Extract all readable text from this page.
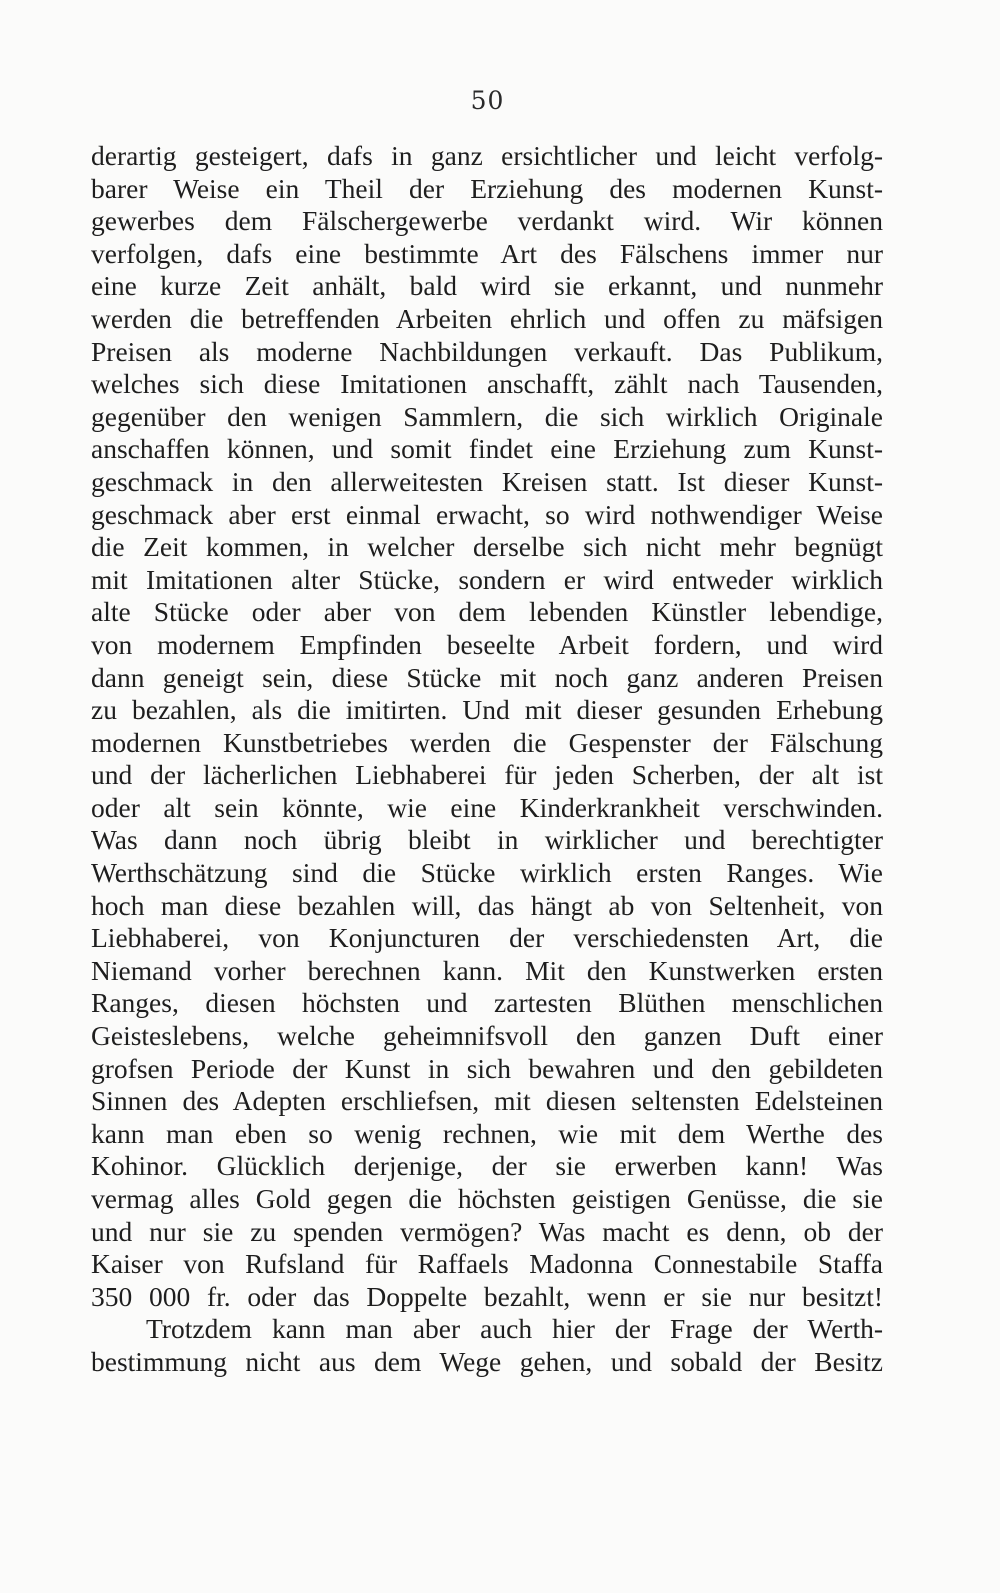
50
derartig gesteigert, dafs in ganz ersichtlicher und leicht verfolg-
barer Weise ein Theil der Erziehung des modernen Kunst-
gewerbes dem Fälschergewerbe verdankt wird. Wir können
verfolgen, dafs eine bestimmte Art des Fälschens immer nur
eine kurze Zeit anhält, bald wird sie erkannt, und nunmehr
werden die betreffenden Arbeiten ehrlich und offen zu mäfsigen
Preisen als moderne Nachbildungen verkauft. Das Publikum,
welches sich diese Imitationen anschafft, zählt nach Tausenden,
gegenüber den wenigen Sammlern, die sich wirklich Originale
anschaffen können, und somit findet eine Erziehung zum Kunst-
geschmack in den allerweitesten Kreisen statt. Ist dieser Kunst-
geschmack aber erst einmal erwacht, so wird nothwendiger Weise
die Zeit kommen, in welcher derselbe sich nicht mehr begnügt
mit Imitationen alter Stücke, sondern er wird entweder wirklich
alte Stücke oder aber von dem lebenden Künstler lebendige,
von modernem Empfinden beseelte Arbeit fordern, und wird
dann geneigt sein, diese Stücke mit noch ganz anderen Preisen
zu bezahlen, als die imitirten. Und mit dieser gesunden Erhebung
modernen Kunstbetriebes werden die Gespenster der Fälschung
und der lächerlichen Liebhaberei für jeden Scherben, der alt ist
oder alt sein könnte, wie eine Kinderkrankheit verschwinden.
Was dann noch übrig bleibt in wirklicher und berechtigter
Werthschätzung sind die Stücke wirklich ersten Ranges. Wie
hoch man diese bezahlen will, das hängt ab von Seltenheit, von
Liebhaberei, von Konjuncturen der verschiedensten Art, die
Niemand vorher berechnen kann. Mit den Kunstwerken ersten
Ranges, diesen höchsten und zartesten Blüthen menschlichen
Geisteslebens, welche geheimnifsvoll den ganzen Duft einer
grofsen Periode der Kunst in sich bewahren und den gebildeten
Sinnen des Adepten erschliefsen, mit diesen seltensten Edelsteinen
kann man eben so wenig rechnen, wie mit dem Werthe des
Kohinor. Glücklich derjenige, der sie erwerben kann! Was
vermag alles Gold gegen die höchsten geistigen Genüsse, die sie
und nur sie zu spenden vermögen? Was macht es denn, ob der
Kaiser von Rufsland für Raffaels Madonna Connestabile Staffa
350 000 fr. oder das Doppelte bezahlt, wenn er sie nur besitzt!
Trotzdem kann man aber auch hier der Frage der Werth-
bestimmung nicht aus dem Wege gehen, und sobald der Besitz
